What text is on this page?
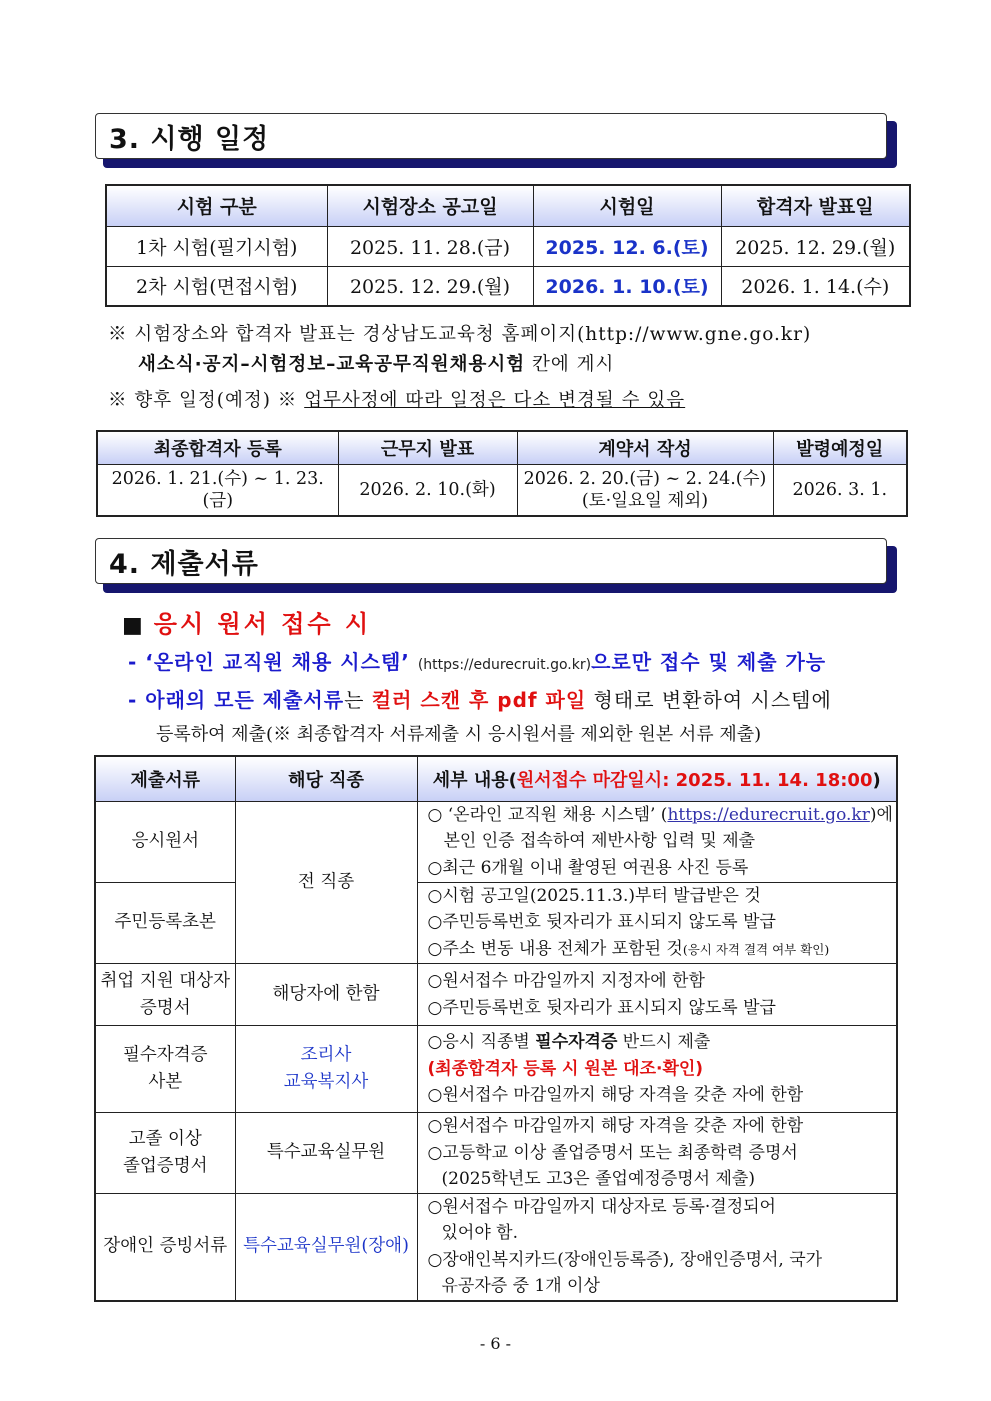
3. 시행 일정
시험 구분	시험장소 공고일	시험일	합격자 발표일
1차 시험(필기시험)	2025. 11. 28.(금)	2025. 12. 6.(토)	2025. 12. 29.(월)
2차 시험(면접시험)	2025. 12. 29.(월)	2026. 1. 10.(토)	2026. 1. 14.(수)
※ 시험장소와 합격자 발표는 경상남도교육청 홈페이지(http://www.gne.go.kr)
새소식·공지–시험정보–교육공무직원채용시험 칸에 게시
※ 향후 일정(예정) ※ 업무사정에 따라 일정은 다소 변경될 수 있음
최종합격자 등록	근무지 발표	계약서 작성	발령예정일
2026. 1. 21.(수) ~ 1. 23.(금)	2026. 2. 10.(화)	2026. 2. 20.(금) ~ 2. 24.(수)
(토·일요일 제외)	2026. 3. 1.
4. 제출서류
■ 응시 원서 접수 시
- ‘온라인 교직원 채용 시스템’ (https://edurecruit.go.kr)으로만 접수 및 제출 가능
- 아래의 모든 제출서류는 컬러 스캔 후 pdf 파일 형태로 변환하여 시스템에
등록하여 제출(※ 최종합격자 서류제출 시 응시원서를 제외한 원본 서류 제출)
제출서류	해당 직종	세부 내용(원서접수 마감일시: 2025. 11. 14. 18:00)
응시원서	전 직종	○ ‘온라인 교직원 채용 시스템’ (https://edurecruit.go.kr)에
본인 인증 접속하여 제반사항 입력 및 제출
○최근 6개월 이내 촬영된 여권용 사진 등록

주민등록초본		○시험 공고일(2025.11.3.)부터 발급받은 것
○주민등록번호 뒷자리가 표시되지 않도록 발급
○주소 변동 내용 전체가 포함된 것(응시 자격 결격 여부 확인)

취업 지원 대상자
증명서	해당자에 한함	○원서접수 마감일까지 지정자에 한함
○주민등록번호 뒷자리가 표시되지 않도록 발급

필수자격증
사본	조리사
교육복지사	○응시 직종별 필수자격증 반드시 제출
(최종합격자 등록 시 원본 대조·확인)
○원서접수 마감일까지 해당 자격을 갖춘 자에 한함

고졸 이상
졸업증명서	특수교육실무원	○원서접수 마감일까지 해당 자격을 갖춘 자에 한함
○고등학교 이상 졸업증명서 또는 최종학력 증명서
(2025학년도 고3은 졸업예정증명서 제출)

장애인 증빙서류	특수교육실무원(장애)	○원서접수 마감일까지 대상자로 등록·결정되어
있어야 함.
○장애인복지카드(장애인등록증), 장애인증명서, 국가
유공자증 중 1개 이상
- 6 -
